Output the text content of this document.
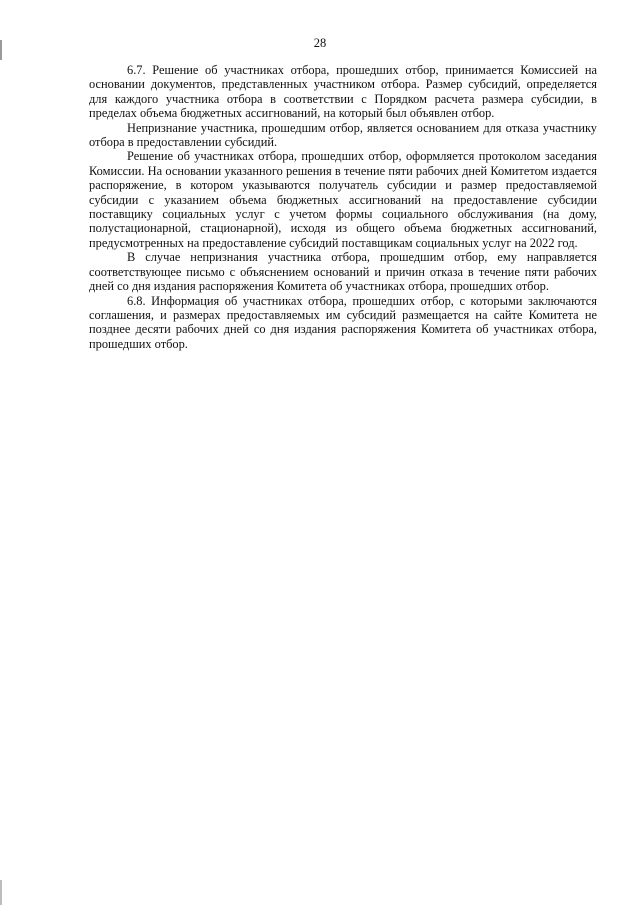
28

6.7. Решение об участниках отбора, прошедших отбор, принимается Комиссией на основании документов, представленных участником отбора. Размер субсидий, определяется для каждого участника отбора в соответствии с Порядком расчета размера субсидии, в пределах объема бюджетных ассигнований, на который был объявлен отбор.

Непризнание участника, прошедшим отбор, является основанием для отказа участнику отбора в предоставлении субсидий.

Решение об участниках отбора, прошедших отбор, оформляется протоколом заседания Комиссии. На основании указанного решения в течение пяти рабочих дней Комитетом издается распоряжение, в котором указываются получатель субсидии и размер предоставляемой субсидии с указанием объема бюджетных ассигнований на предоставление субсидии поставщику социальных услуг с учетом формы социального обслуживания (на дому, полустационарной, стационарной), исходя из общего объема бюджетных ассигнований, предусмотренных на предоставление субсидий поставщикам социальных услуг на 2022 год.

В случае непризнания участника отбора, прошедшим отбор, ему направляется соответствующее письмо с объяснением оснований и причин отказа в течение пяти рабочих дней со дня издания распоряжения Комитета об участниках отбора, прошедших отбор.

6.8. Информация об участниках отбора, прошедших отбор, с которыми заключаются соглашения, и размерах предоставляемых им субсидий размещается на сайте Комитета не позднее десяти рабочих дней со дня издания распоряжения Комитета об участниках отбора, прошедших отбор.
